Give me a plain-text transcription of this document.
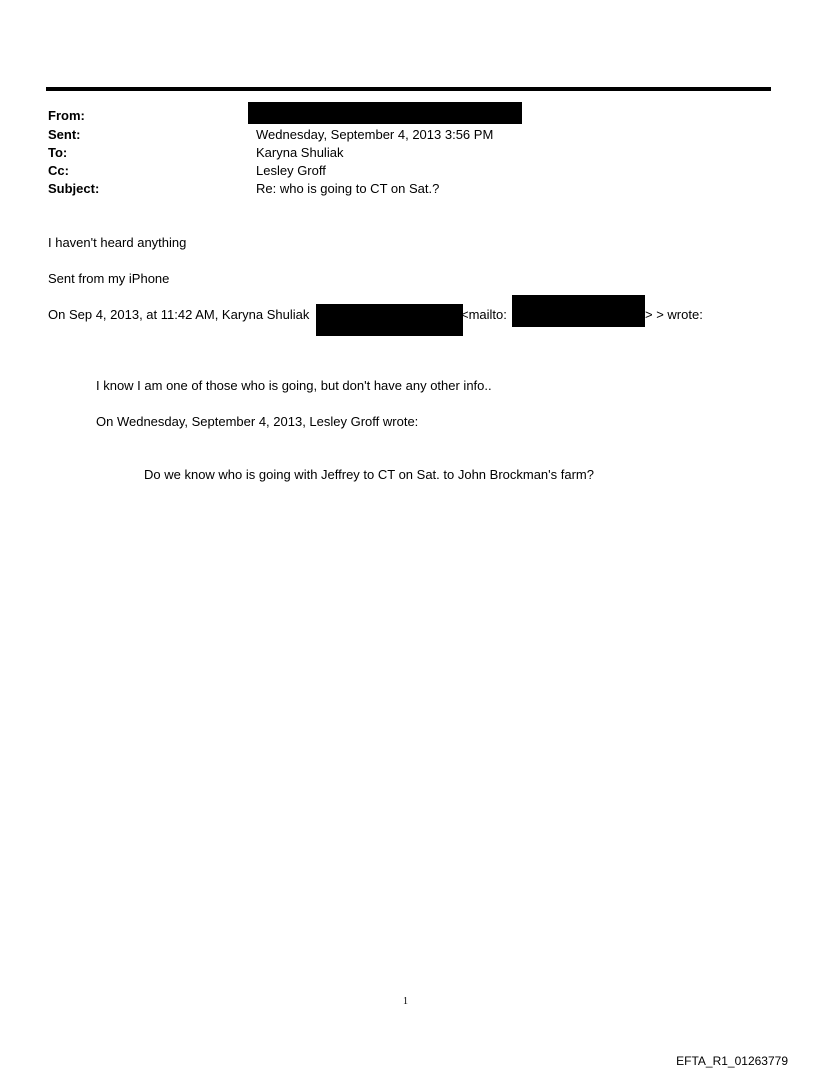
From:
Sent:	Wednesday, September 4, 2013 3:56 PM
To:	Karyna Shuliak
Cc:	Lesley Groff
Subject:	Re: who is going to CT on Sat.?
I haven't heard anything
Sent from my iPhone
On Sep 4, 2013, at 11:42 AM, Karyna Shuliak	<mailto:	> > wrote:
I know I am one of those who is going, but don't have any other info..
On Wednesday, September 4, 2013, Lesley Groff wrote:
Do we know who is going with Jeffrey to CT on Sat. to John Brockman's farm?
1
EFTA_R1_01263779
